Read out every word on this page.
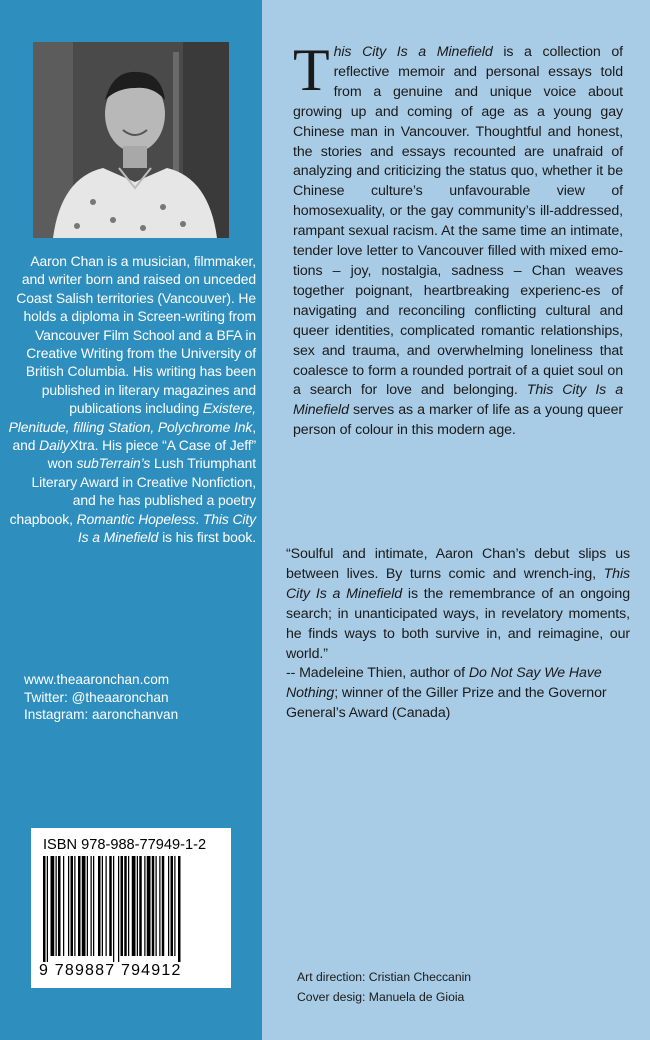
Aaron Chan is a musician, filmmaker, and writer born and raised on unceded Coast Salish territories (Vancouver). He holds a diploma in Screen-writing from Vancouver Film School and a BFA in Creative Writing from the University of British Columbia. His writing has been published in literary magazines and publications including Existere, Plenitude, filling Station, Polychrome Ink, and DailyXtra. His piece “A Case of Jeff” won subTerrain’s Lush Triumphant Literary Award in Creative Nonfiction, and he has published a poetry chapbook, Romantic Hopeless. This City Is a Minefield is his first book.
www.theaaronchan.com
Twitter: @theaaronchan
Instagram: aaronchanvan
ISBN 978-988-77949-1-2
9 789887 794912
This City Is a Minefield is a collection of reflective memoir and personal essays told from a genuine and unique voice about growing up and coming of age as a young gay Chinese man in Vancouver. Thoughtful and honest, the stories and essays recounted are unafraid of analyzing and criticizing the status quo, whether it be Chinese culture’s unfavourable view of homosexuality, or the gay community’s ill-addressed, rampant sexual racism. At the same time an intimate, tender love letter to Vancouver filled with mixed emo-tions – joy, nostalgia, sadness – Chan weaves together poignant, heartbreaking experienc-es of navigating and reconciling conflicting cultural and queer identities, complicated romantic relationships, sex and trauma, and overwhelming loneliness that coalesce to form a rounded portrait of a quiet soul on a search for love and belonging. This City Is a Minefield serves as a marker of life as a young queer person of colour in this modern age.
“Soulful and intimate, Aaron Chan’s debut slips us between lives. By turns comic and wrench-ing, This City Is a Minefield is the remembrance of an ongoing search; in unanticipated ways, in revelatory moments, he finds ways to both survive in, and reimagine, our world.”
-- Madeleine Thien, author of Do Not Say We Have Nothing; winner of the Giller Prize and the Governor General’s Award (Canada)
Art direction: Cristian Checcanin
Cover desig: Manuela de Gioia
